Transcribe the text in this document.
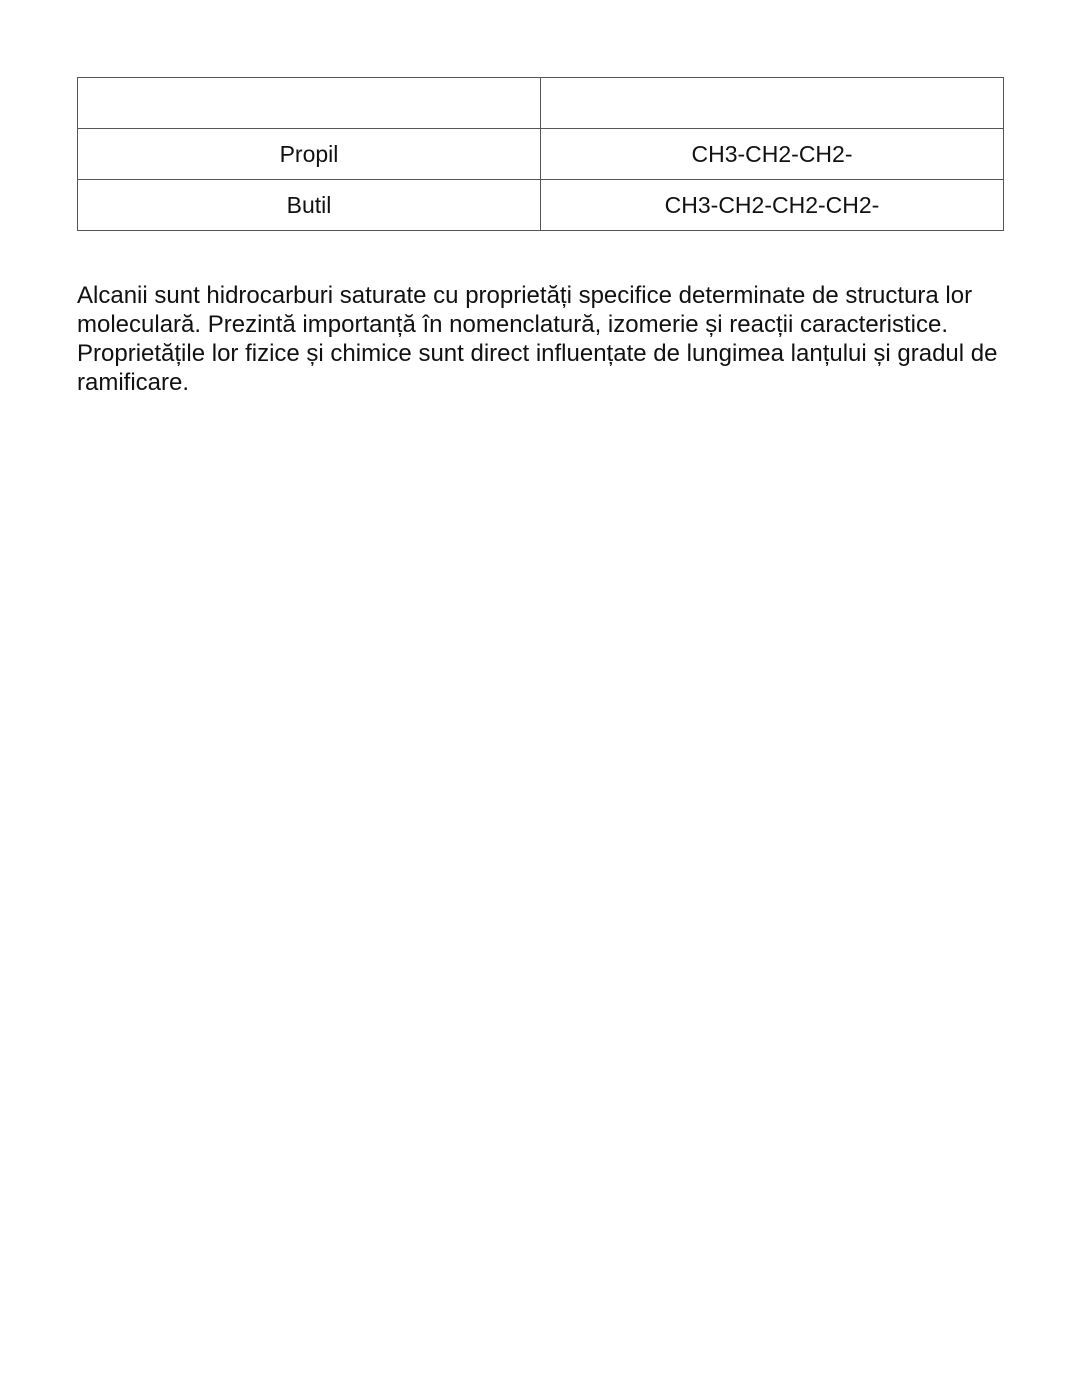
Propil	CH3-CH2-CH2-
Butil	CH3-CH2-CH2-CH2-

Alcanii sunt hidrocarburi saturate cu proprietăți specifice determinate de structura lor moleculară. Prezintă importanță în nomenclatură, izomerie și reacții caracteristice. Proprietățile lor fizice și chimice sunt direct influențate de lungimea lanțului și gradul de ramificare.
